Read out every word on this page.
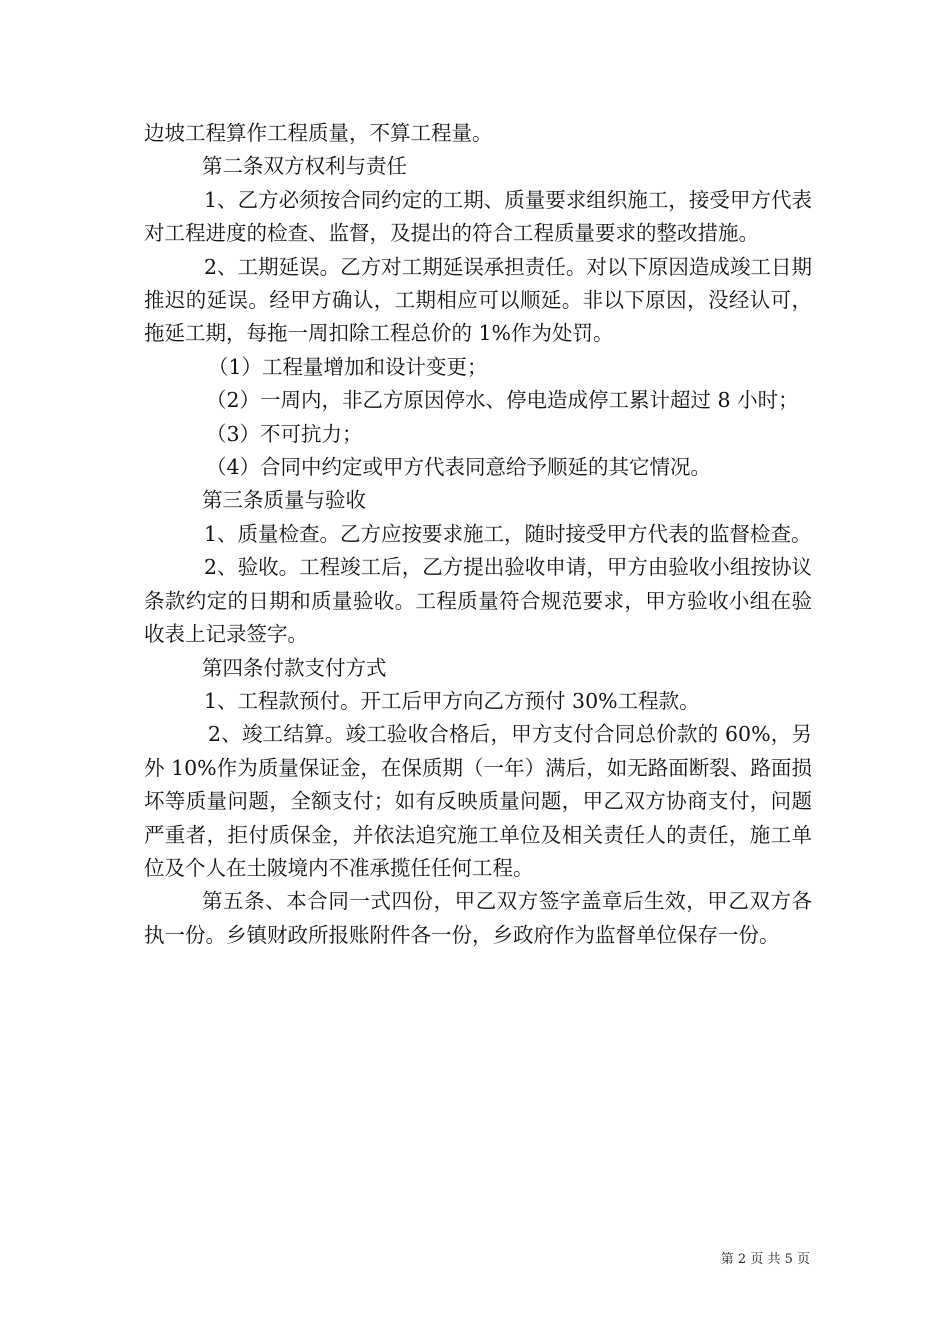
边坡工程算作工程质量，不算工程量。

第二条双方权利与责任

1、乙方必须按合同约定的工期、质量要求组织施工，接受甲方代表对工程进度的检查、监督，及提出的符合工程质量要求的整改措施。

2、工期延误。乙方对工期延误承担责任。对以下原因造成竣工日期推迟的延误。经甲方确认，工期相应可以顺延。非以下原因，没经认可，拖延工期，每拖一周扣除工程总价的 1%作为处罚。

（1）工程量增加和设计变更；

（2）一周内，非乙方原因停水、停电造成停工累计超过 8 小时；

（3）不可抗力；

（4）合同中约定或甲方代表同意给予顺延的其它情况。

第三条质量与验收

1、质量检查。乙方应按要求施工，随时接受甲方代表的监督检查。

2、验收。工程竣工后，乙方提出验收申请，甲方由验收小组按协议条款约定的日期和质量验收。工程质量符合规范要求，甲方验收小组在验收表上记录签字。

第四条付款支付方式

1、工程款预付。开工后甲方向乙方预付 30%工程款。

2、竣工结算。竣工验收合格后，甲方支付合同总价款的 60%，另外 10%作为质量保证金，在保质期（一年）满后，如无路面断裂、路面损坏等质量问题，全额支付；如有反映质量问题，甲乙双方协商支付，问题严重者，拒付质保金，并依法追究施工单位及相关责任人的责任，施工单位及个人在土陂境内不准承揽任任何工程。

第五条、本合同一式四份，甲乙双方签字盖章后生效，甲乙双方各执一份。乡镇财政所报账附件各一份，乡政府作为监督单位保存一份。

第 2 页 共 5 页
